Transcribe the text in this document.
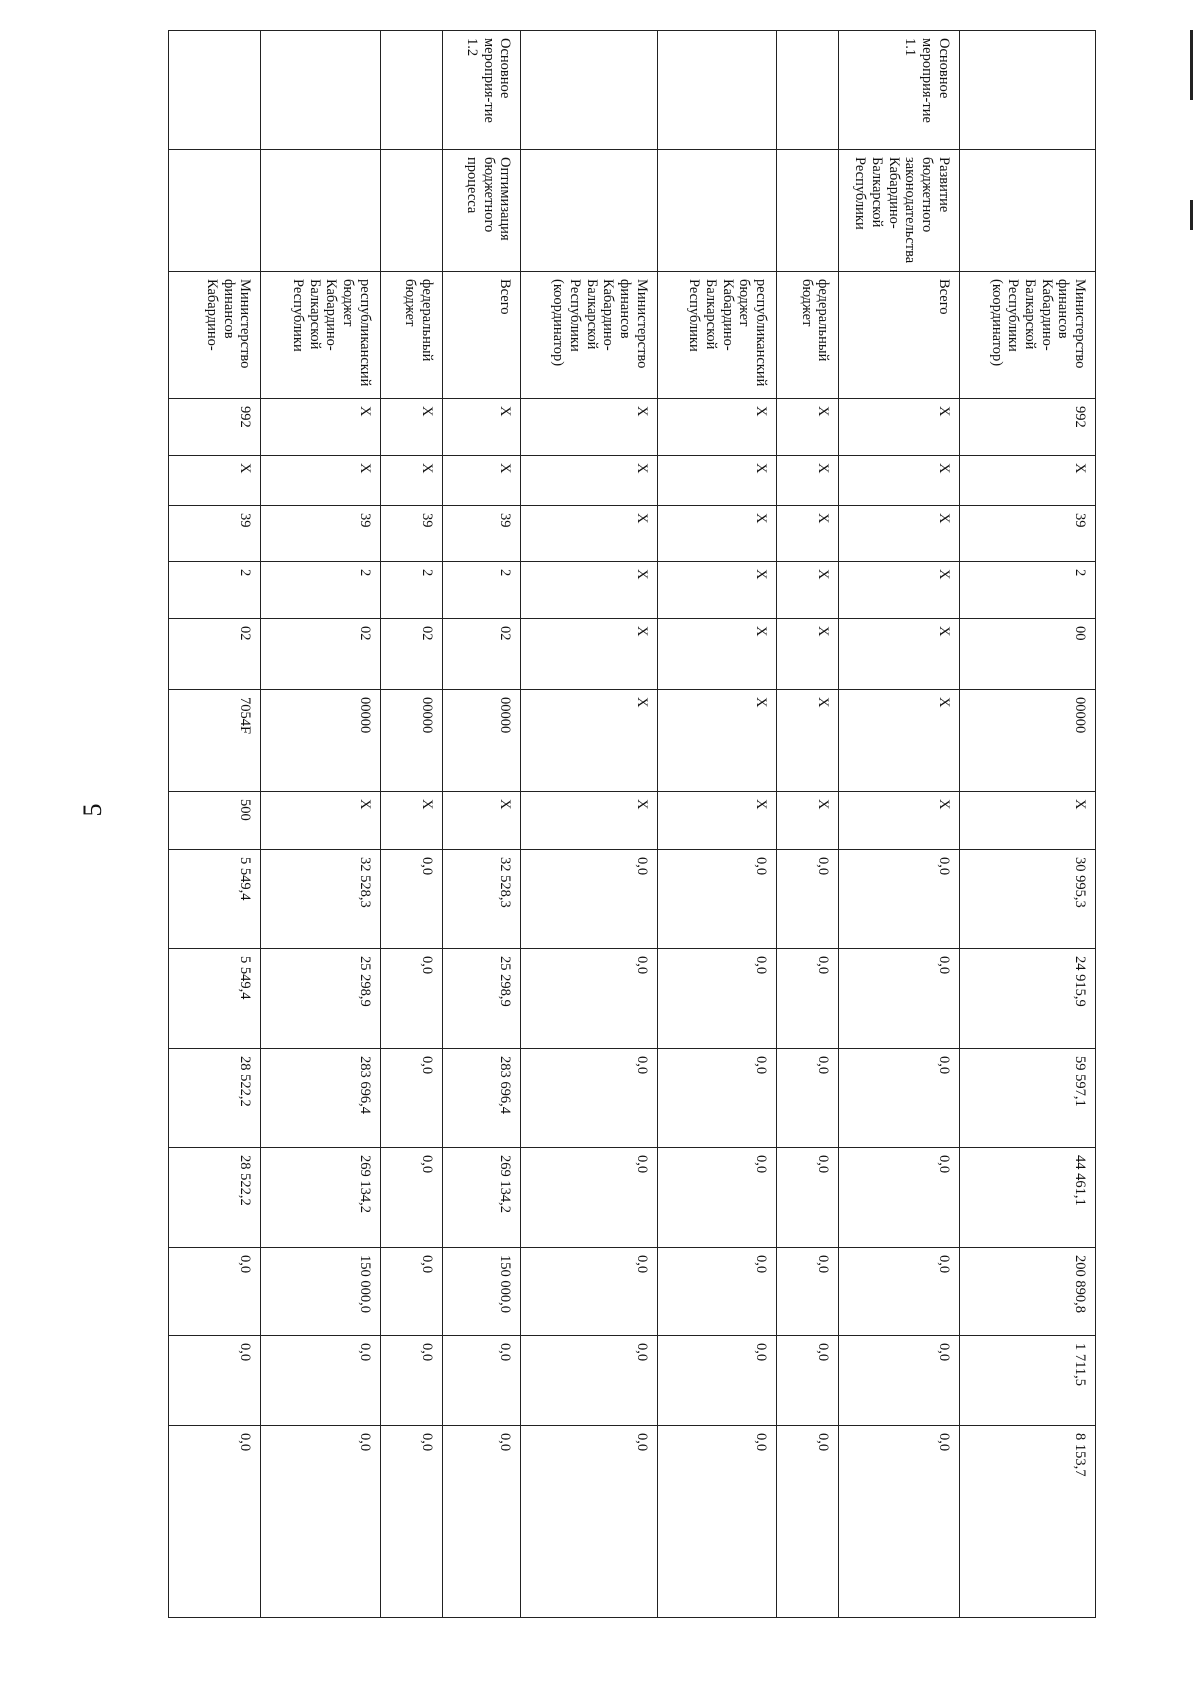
5
		Министерство финансов Кабардино-Балкарской Республики (координатор)	992	X	39	2	00	00000	X	30 995,3	24 915,9	59 597,1	44 461,1	200 890,8	1 711,5	8 153,7
Основное мероприя-тие 1.1	Развитие бюджетного законодательства Кабардино-Балкарской Республики	Всего	X	X	X	X	X	X	X	0,0	0,0	0,0	0,0	0,0	0,0	0,0
		федеральный бюджет	X	X	X	X	X	X	X	0,0	0,0	0,0	0,0	0,0	0,0	0,0
		республиканский бюджет Кабардино-Балкарской Республики	X	X	X	X	X	X	X	0,0	0,0	0,0	0,0	0,0	0,0	0,0
		Министерство финансов Кабардино-Балкарской Республики (координатор)	X	X	X	X	X	X	X	0,0	0,0	0,0	0,0	0,0	0,0	0,0
Основное мероприя-тие 1.2	Оптимизация бюджетного процесса	Всего	X	X	39	2	02	00000	X	32 528,3	25 298,9	283 696,4	269 134,2	150 000,0	0,0	0,0
		федеральный бюджет	X	X	39	2	02	00000	X	0,0	0,0	0,0	0,0	0,0	0,0	0,0
		республиканский бюджет Кабардино-Балкарской Республики	X	X	39	2	02	00000	X	32 528,3	25 298,9	283 696,4	269 134,2	150 000,0	0,0	0,0
		Министерство финансов Кабардино-	992	X	39	2	02	7054F	500	5 549,4	5 549,4	28 522,2	28 522,2	0,0	0,0	0,0
